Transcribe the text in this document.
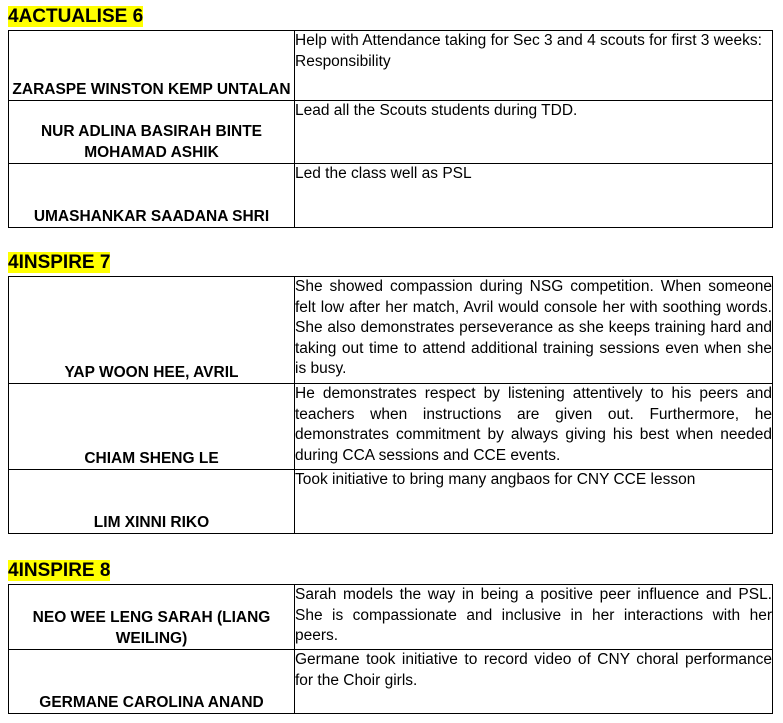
4ACTUALISE 6
ZARASPE WINSTON KEMP UNTALAN	Help with Attendance taking for Sec 3 and 4 scouts for first 3 weeks: Responsibility
NUR ADLINA BASIRAH BINTE MOHAMAD ASHIK	Lead all the Scouts students during TDD.
UMASHANKAR SAADANA SHRI	Led the class well as PSL
4INSPIRE 7
YAP WOON HEE, AVRIL	She showed compassion during NSG competition. When someone felt low after her match, Avril would console her with soothing words. She also demonstrates perseverance as she keeps training hard and taking out time to attend additional training sessions even when she is busy.
CHIAM SHENG LE	He demonstrates respect by listening attentively to his peers and teachers when instructions are given out. Furthermore, he demonstrates commitment by always giving his best when needed during CCA sessions and CCE events.
LIM XINNI RIKO	Took initiative to bring many angbaos for CNY CCE lesson
4INSPIRE 8
NEO WEE LENG SARAH (LIANG WEILING)	Sarah models the way in being a positive peer influence and PSL. She is compassionate and inclusive in her interactions with her peers.
GERMANE CAROLINA ANAND	Germane took initiative to record video of CNY choral performance for the Choir girls.
